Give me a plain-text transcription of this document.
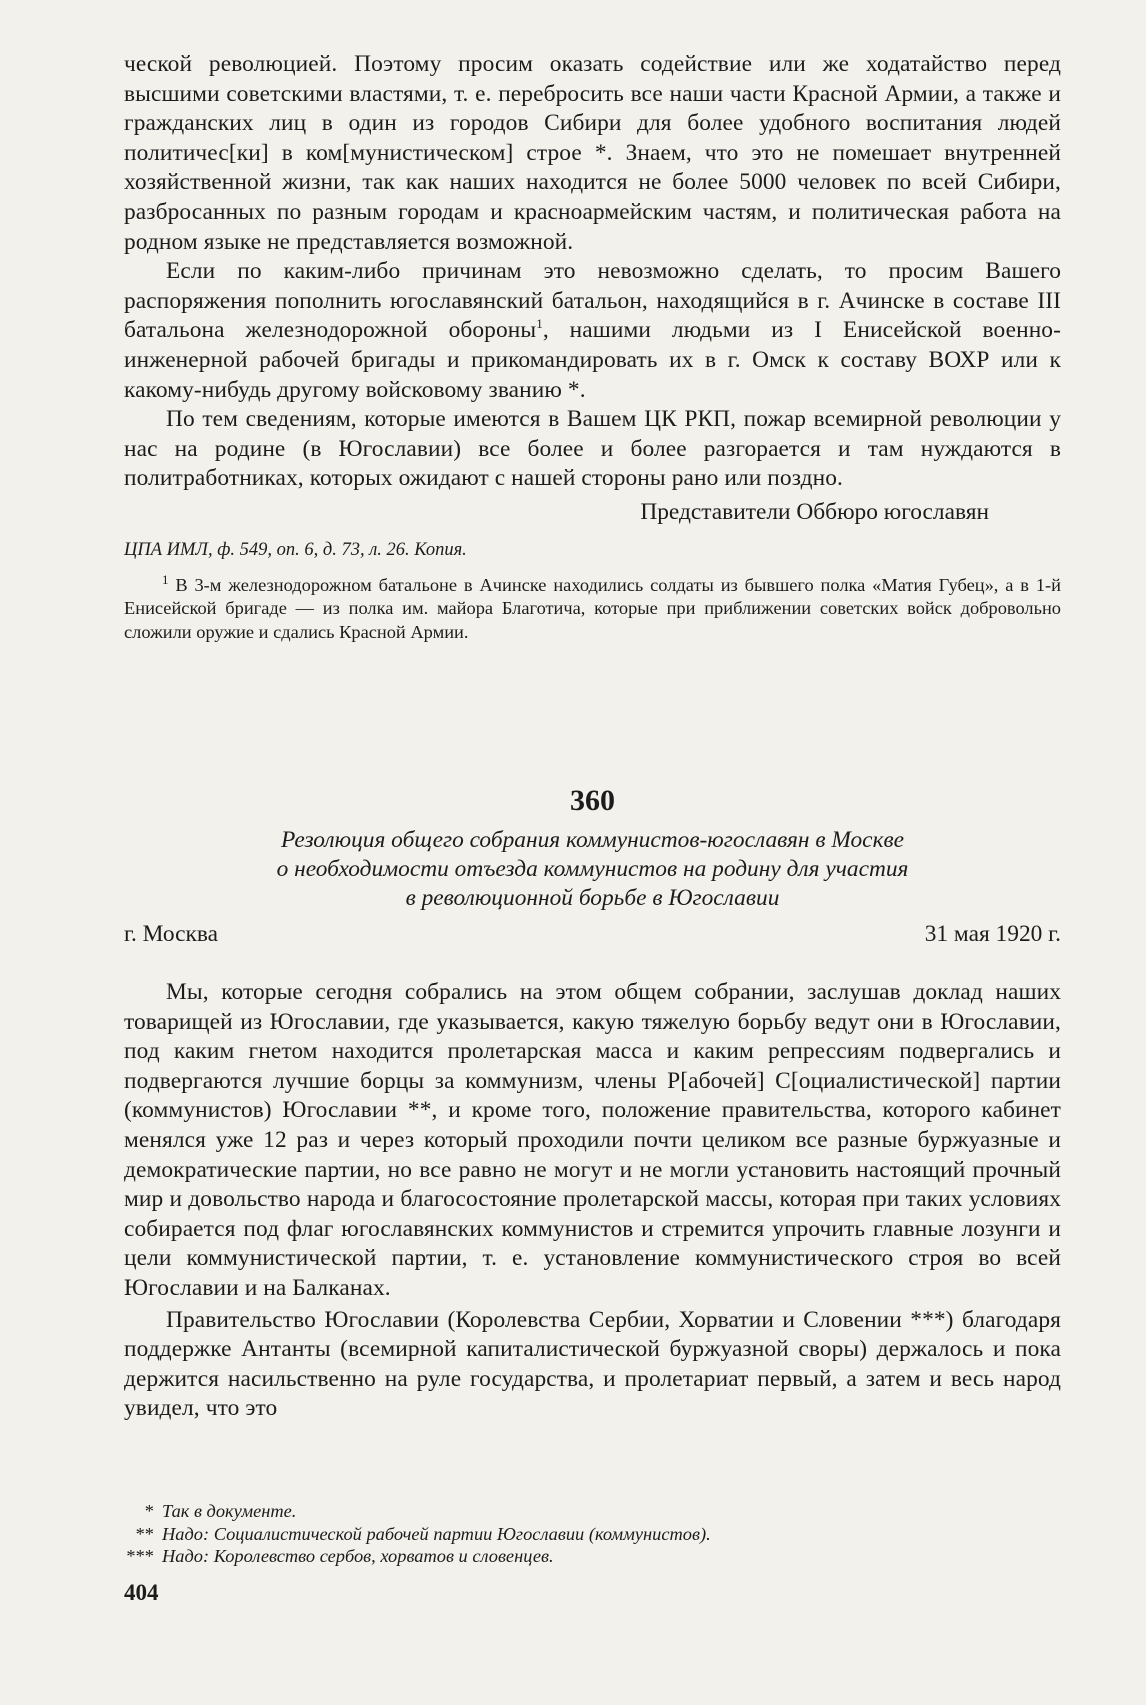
ческой революцией. Поэтому просим оказать содействие или же ходатайство перед высшими советскими властями, т. е. перебросить все наши части Красной Армии, а также и гражданских лиц в один из городов Сибири для более удобного воспитания людей политичес[ки] в ком[мунистическом] строе *. Знаем, что это не помешает внутренней хозяйственной жизни, так как наших находится не более 5000 человек по всей Сибири, разбросанных по разным городам и красноармейским частям, и политическая работа на родном языке не представляется возможной.

Если по каким-либо причинам это невозможно сделать, то просим Вашего распоряжения пополнить югославянский батальон, находящийся в г. Ачинске в составе III батальона железнодорожной обороны$^1$, нашими людьми из I Енисейской военно-инженерной рабочей бригады и прикомандировать их в г. Омск к составу ВОХР или к какому-нибудь другому войсковому званию *.

По тем сведениям, которые имеются в Вашем ЦК РКП, пожар всемирной революции у нас на родине (в Югославии) все более и более разгорается и там нуждаются в политработниках, которых ожидают с нашей стороны рано или поздно.

Представители Оббюро югославян

ЦПА ИМЛ, ф. 549, оп. 6, д. 73, л. 26. Копия.

$^1$ В 3-м железнодорожном батальоне в Ачинске находились солдаты из бывшего полка «Матия Губец», а в 1-й Енисейской бригаде — из полка им. майора Благотича, которые при приближении советских войск добровольно сложили оружие и сдались Красной Армии.

360
Резолюция общего собрания коммунистов-югославян в Москве
о необходимости отъезда коммунистов на родину для участия
в революционной борьбе в Югославии
г. Москва	31 мая 1920 г.

Мы, которые сегодня собрались на этом общем собрании, заслушав доклад наших товарищей из Югославии, где указывается, какую тяжелую борьбу ведут они в Югославии, под каким гнетом находится пролетарская масса и каким репрессиям подвергались и подвергаются лучшие борцы за коммунизм, члены Р[абочей] С[оциалистической] партии (коммунистов) Югославии **, и кроме того, положение правительства, которого кабинет менялся уже 12 раз и через который проходили почти целиком все разные буржуазные и демократические партии, но все равно не могут и не могли установить настоящий прочный мир и довольство народа и благосостояние пролетарской массы, которая при таких условиях собирается под флаг югославянских коммунистов и стремится упрочить главные лозунги и цели коммунистической партии, т. е. установление коммунистического строя во всей Югославии и на Балканах.

Правительство Югославии (Королевства Сербии, Хорватии и Словении ***) благодаря поддержке Антанты (всемирной капиталистической буржуазной своры) держалось и пока держится насильственно на руле государства, и пролетариат первый, а затем и весь народ увидел, что это

* Так в документе.
** Надо: Социалистической рабочей партии Югославии (коммунистов).
*** Надо: Королевство сербов, хорватов и словенцев.
404
